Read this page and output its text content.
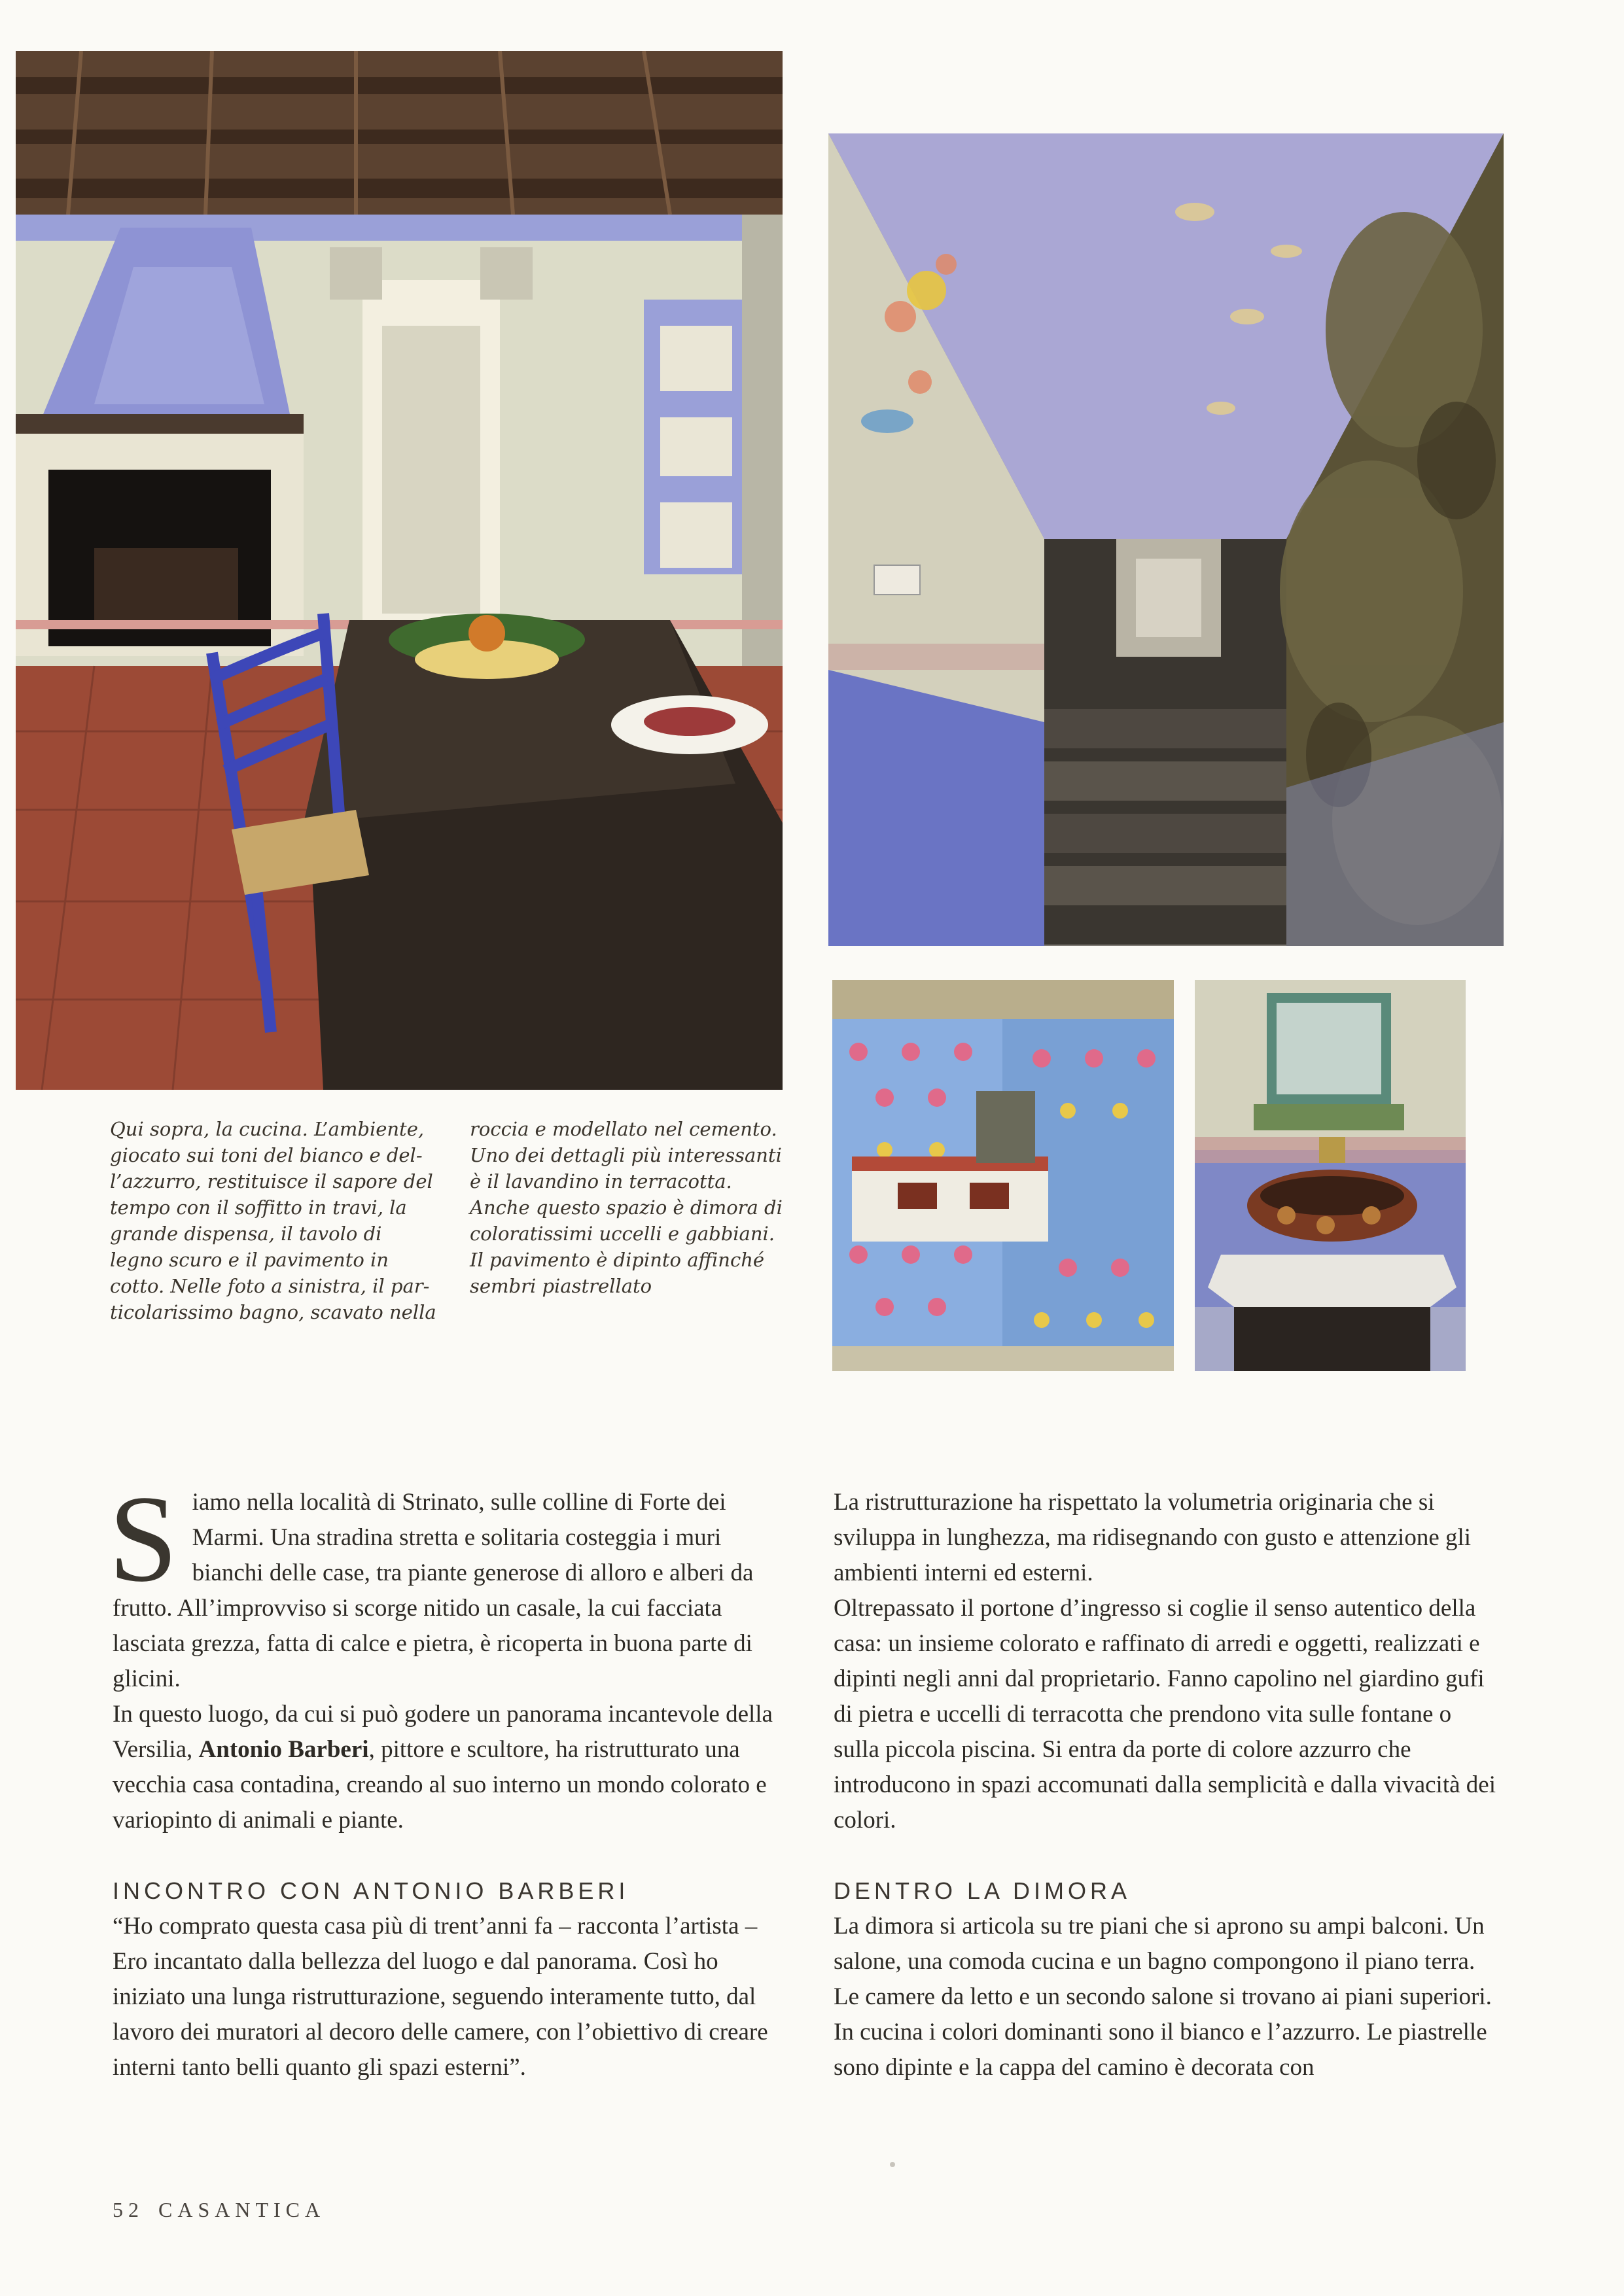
Qui sopra, la cucina. L’ambiente,

giocato sui toni del bianco e del-

l’azzurro, restituisce il sapore del

tempo con il soffitto in travi, la

grande dispensa, il tavolo di

legno scuro e il pavimento in

cotto. Nelle foto a sinistra, il par-

ticolarissimo bagno, scavato nella

roccia e modellato nel cemento.

Uno dei dettagli più interessanti

è il lavandino in terracotta.

Anche questo spazio è dimora di

coloratissimi uccelli e gabbiani.

Il pavimento è dipinto affinché

sembri piastrellato

Siamo nella località di Strinato, sulle colline di Forte dei Marmi. Una stradina stretta e solitaria costeggia i muri bianchi delle case, tra piante generose di alloro e alberi da frutto. All’improvviso si scorge nitido un casale, la cui facciata lasciata grezza, fatta di calce e pietra, è ricoperta in buona parte di glicini.

In questo luogo, da cui si può godere un panorama incantevole della Versilia, Antonio Barberi, pittore e scultore, ha ristrutturato una vecchia casa contadina, creando al suo interno un mondo colorato e variopinto di animali e piante.

INCONTRO CON ANTONIO BARBERI

“Ho comprato questa casa più di trent’anni fa – racconta l’artista – Ero incantato dalla bellezza del luogo e dal panorama. Così ho iniziato una lunga ristrutturazione, seguendo interamente tutto, dal lavoro dei muratori al decoro delle camere, con l’obiettivo di creare interni tanto belli quanto gli spazi esterni”.

La ristrutturazione ha rispettato la volumetria originaria che si sviluppa in lunghezza, ma ridisegnando con gusto e attenzione gli ambienti interni ed esterni.

Oltrepassato il portone d’ingresso si coglie il senso autentico della casa: un insieme colorato e raffinato di arredi e oggetti, realizzati e dipinti negli anni dal proprietario. Fanno capolino nel giardino gufi di pietra e uccelli di terracotta che prendono vita sulle fontane o sulla piccola piscina. Si entra da porte di colore azzurro che introducono in spazi accomunati dalla semplicità e dalla vivacità dei colori.

DENTRO LA DIMORA

La dimora si articola su tre piani che si aprono su ampi balconi. Un salone, una comoda cucina e un bagno compongono il piano terra. Le camere da letto e un secondo salone si trovano ai piani superiori.

In cucina i colori dominanti sono il bianco e l’azzurro. Le piastrelle sono dipinte e la cappa del camino è decorata con

52 CASANTICA
